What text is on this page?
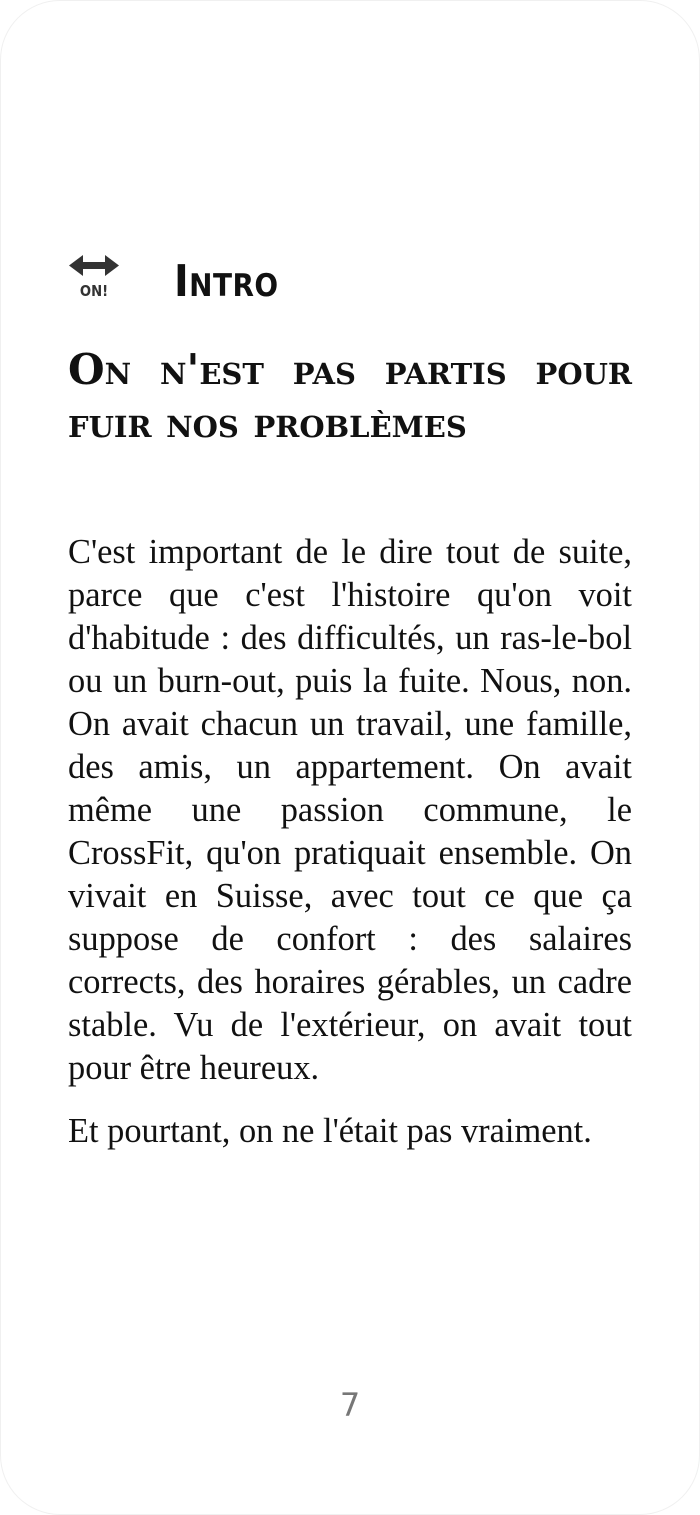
ON! Intro
On n'est pas partis pour fuir nos problèmes

C'est important de le dire tout de suite, parce que c'est l'histoire qu'on voit d'habitude : des difficultés, un ras-le-bol ou un burn-out, puis la fuite. Nous, non. On avait chacun un travail, une famille, des amis, un appartement. On avait même une passion commune, le CrossFit, qu'on pratiquait ensemble. On vivait en Suisse, avec tout ce que ça suppose de confort : des salaires corrects, des horaires gérables, un cadre stable. Vu de l'extérieur, on avait tout pour être heureux.

Et pourtant, on ne l'était pas vraiment.

7
